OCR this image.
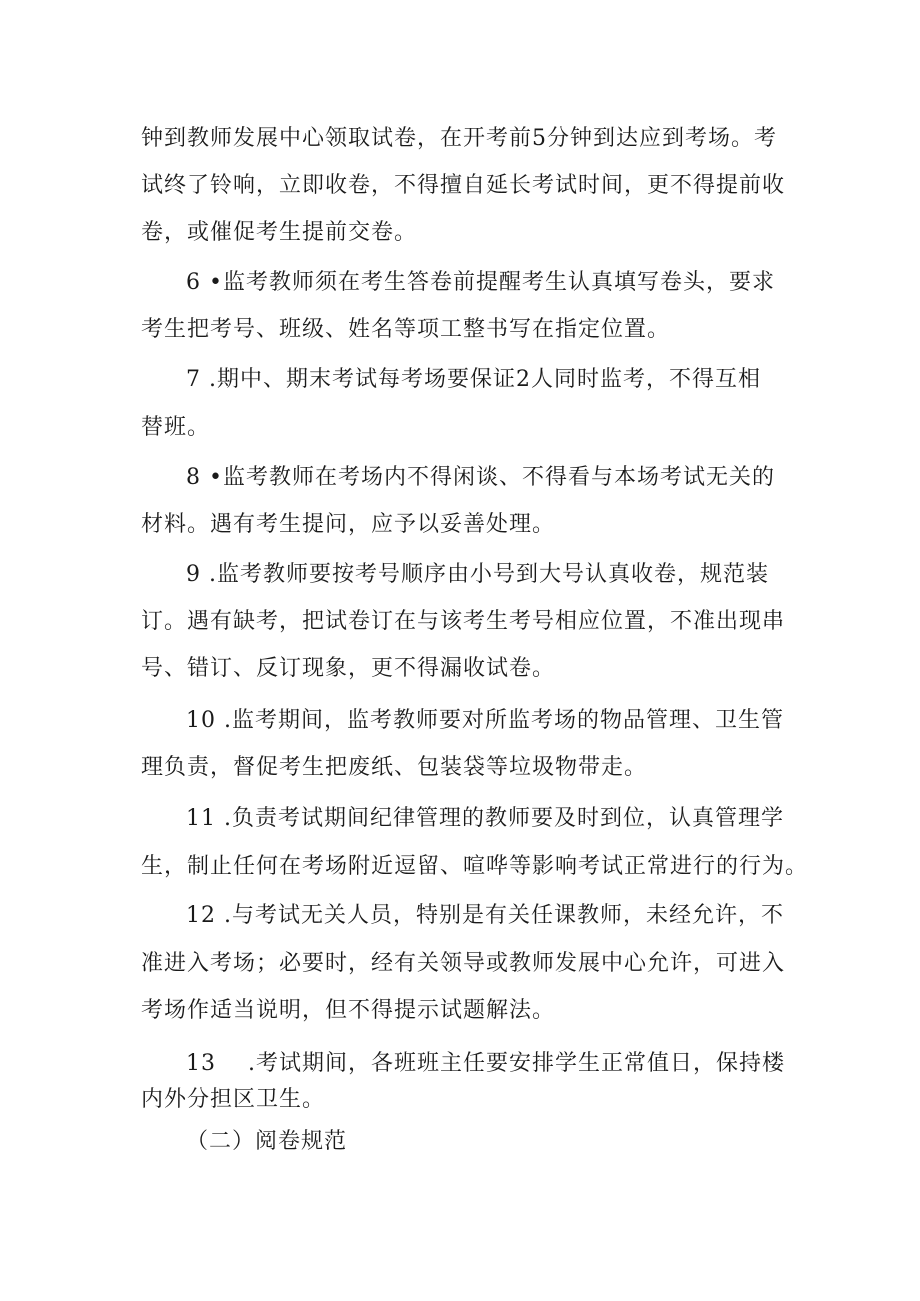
钟到教师发展中心领取试卷，在开考前5分钟到达应到考场。考
试终了铃响，立即收卷，不得擅自延长考试时间，更不得提前收
卷，或催促考生提前交卷。
6 •监考教师须在考生答卷前提醒考生认真填写卷头，要求
考生把考号、班级、姓名等项工整书写在指定位置。
7 .期中、期末考试每考场要保证2人同时监考，不得互相
替班。
8 •监考教师在考场内不得闲谈、不得看与本场考试无关的
材料。遇有考生提问，应予以妥善处理。
9 .监考教师要按考号顺序由小号到大号认真收卷，规范装
订。遇有缺考，把试卷订在与该考生考号相应位置，不准出现串
号、错订、反订现象，更不得漏收试卷。
10 .监考期间，监考教师要对所监考场的物品管理、卫生管
理负责，督促考生把废纸、包装袋等垃圾物带走。
11 .负责考试期间纪律管理的教师要及时到位，认真管理学
生，制止任何在考场附近逗留、喧哗等影响考试正常进行的行为。
12 .与考试无关人员，特别是有关任课教师，未经允许，不
准进入考场；必要时，经有关领导或教师发展中心允许，可进入
考场作适当说明，但不得提示试题解法。
13    .考试期间，各班班主任要安排学生正常值日，保持楼
内外分担区卫生。
（二）阅卷规范
